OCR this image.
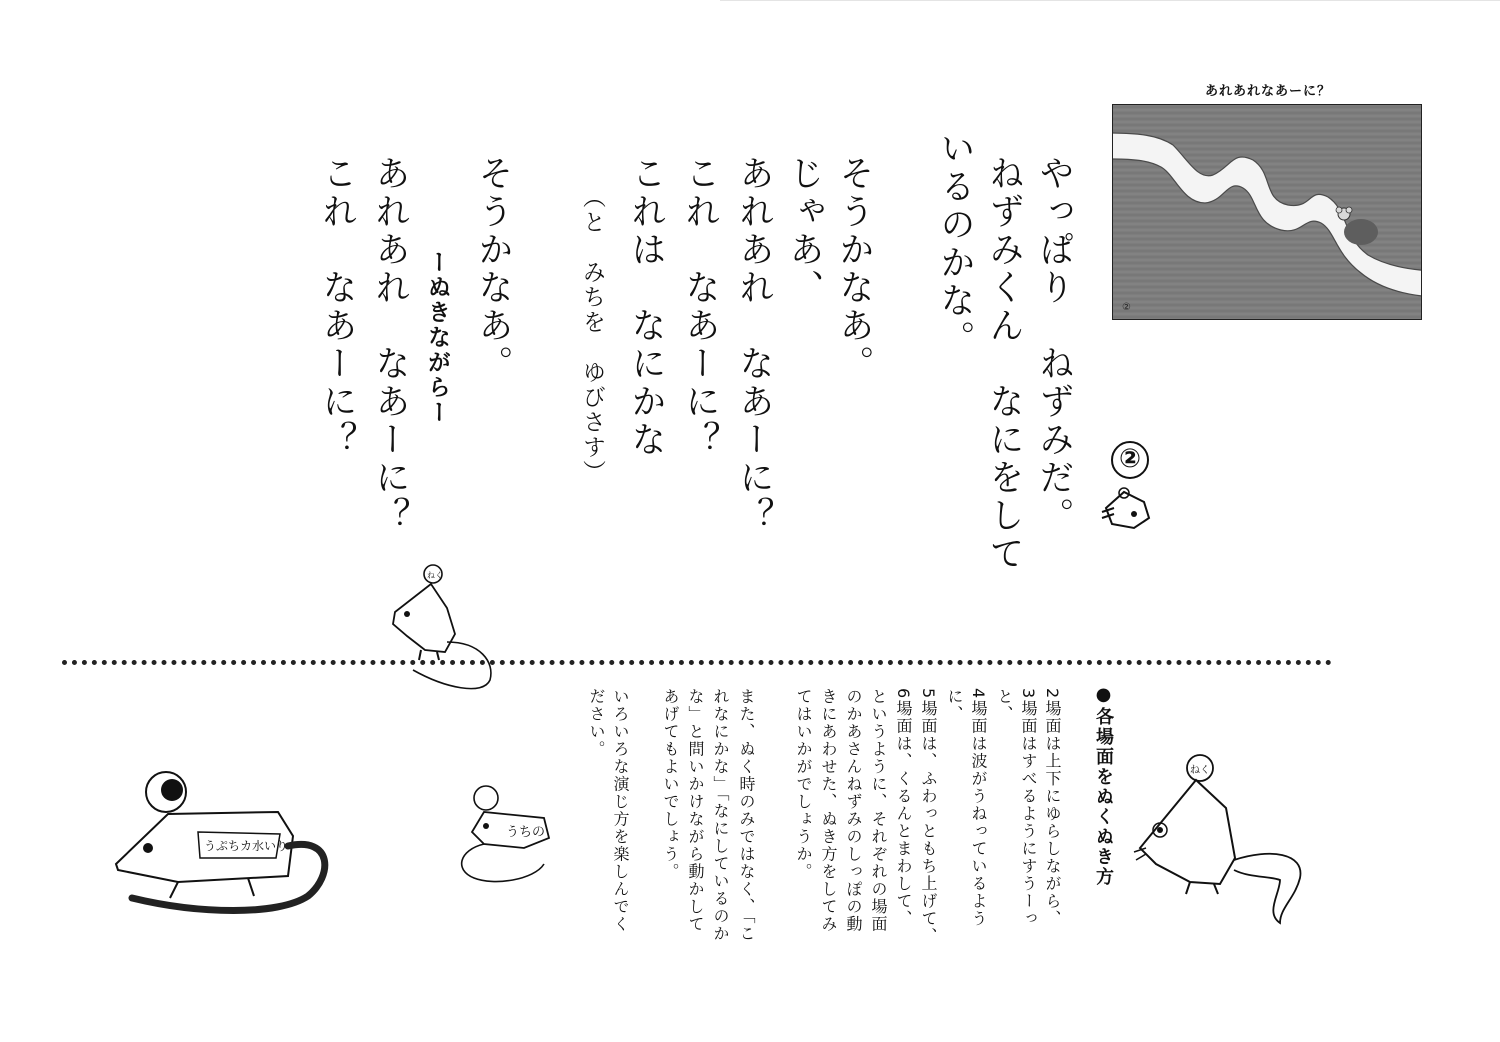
やっぱり　ねずみだ。
ねずみくん　なにをして
いるのかな。
そうかなあ。
じゃあ、
あれあれ　なあーに？
これ　なあーに？
これは　なにかな
（と　みちを　ゆびさす）
そうかなあ。
ーぬきながらー
あれあれ　なあーに？
これ　なあーに？
あれあれなあーに？
②
②
ねく
うぷちカ水いり
うちの	●各場面をぬくぬき方
2場面は上下にゆらしながら、
3場面はすべるようにすうーっ
と、
4場面は波がうねっているよう
に、
5場面は、ふわっともち上げて、
6場面は、くるんとまわして、
というように、それぞれの場面
のかあさんねずみのしっぽの動
きにあわせた、ぬき方をしてみ
てはいかがでしょうか。
また、ぬく時のみではなく、「こ
れなにかな」「なにしているのか
な」と問いかけながら動かして
あげてもよいでしょう。
いろいろな演じ方を楽しんでく
ださい。
ねく
